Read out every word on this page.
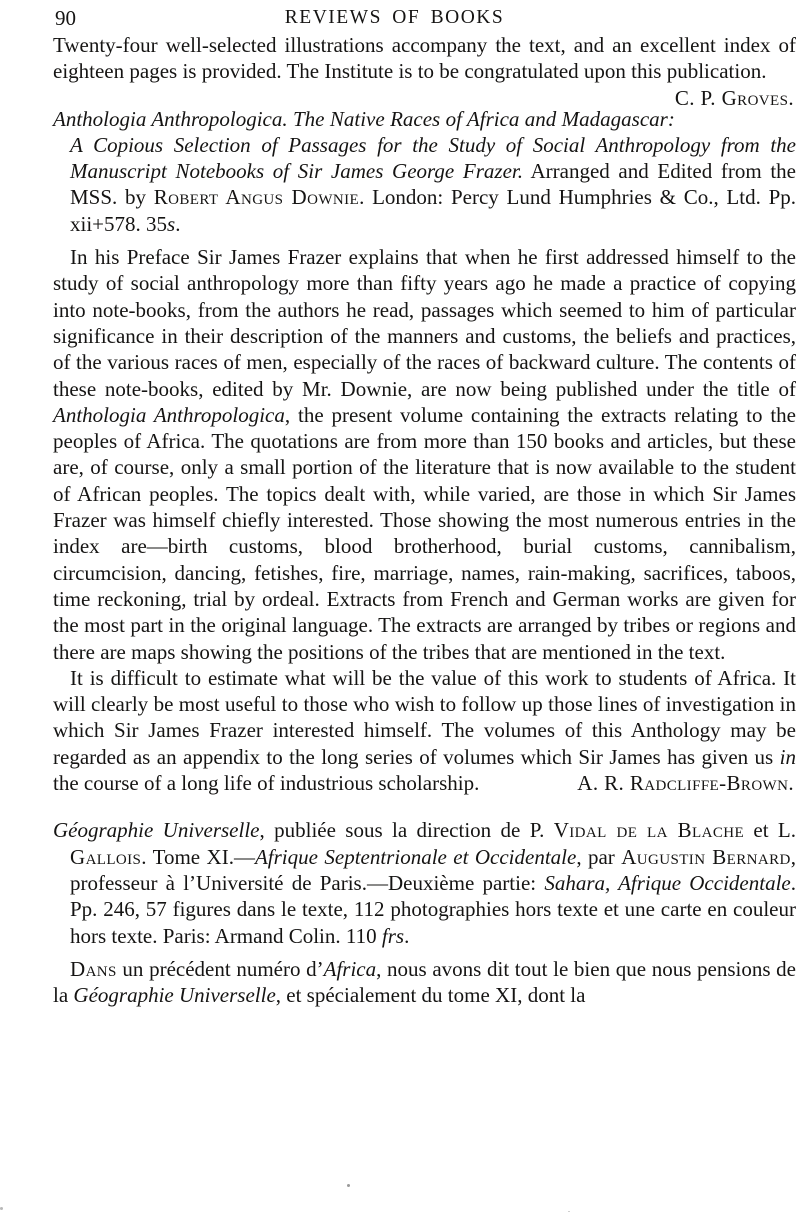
90	REVIEWS OF BOOKS

Twenty-four well-selected illustrations accompany the text, and an excellent index of eighteen pages is provided. The Institute is to be congratulated upon this publication.
C. P. Groves.

Anthologia Anthropologica. The Native Races of Africa and Madagascar: A Copious Selection of Passages for the Study of Social Anthropology from the Manuscript Notebooks of Sir James George Frazer. Arranged and Edited from the MSS. by Robert Angus Downie. London: Percy Lund Humphries & Co., Ltd. Pp. xii+578. 35s.

In his Preface Sir James Frazer explains that when he first addressed himself to the study of social anthropology more than fifty years ago he made a practice of copying into note-books, from the authors he read, passages which seemed to him of particular significance in their description of the manners and customs, the beliefs and practices, of the various races of men, especially of the races of backward culture. The contents of these note-books, edited by Mr. Downie, are now being published under the title of Anthologia Anthropologica, the present volume containing the extracts relating to the peoples of Africa. The quotations are from more than 150 books and articles, but these are, of course, only a small portion of the literature that is now available to the student of African peoples. The topics dealt with, while varied, are those in which Sir James Frazer was himself chiefly interested. Those showing the most numerous entries in the index are—birth customs, blood brotherhood, burial customs, cannibalism, circumcision, dancing, fetishes, fire, marriage, names, rain-making, sacrifices, taboos, time reckoning, trial by ordeal. Extracts from French and German works are given for the most part in the original language. The extracts are arranged by tribes or regions and there are maps showing the positions of the tribes that are mentioned in the text.

It is difficult to estimate what will be the value of this work to students of Africa. It will clearly be most useful to those who wish to follow up those lines of investigation in which Sir James Frazer interested himself. The volumes of this Anthology may be regarded as an appendix to the long series of volumes which Sir James has given us in the course of a long life of industrious scholarship.	A. R. Radcliffe-Brown.

Géographie Universelle, publiée sous la direction de P. Vidal de la Blache et L. Gallois. Tome XI.—Afrique Septentrionale et Occidentale, par Augustin Bernard, professeur à l’Université de Paris.—Deuxième partie: Sahara, Afrique Occidentale. Pp. 246, 57 figures dans le texte, 112 photographies hors texte et une carte en couleur hors texte. Paris: Armand Colin. 110 frs.

Dans un précédent numéro d’Africa, nous avons dit tout le bien que nous pensions de la Géographie Universelle, et spécialement du tome XI, dont la
